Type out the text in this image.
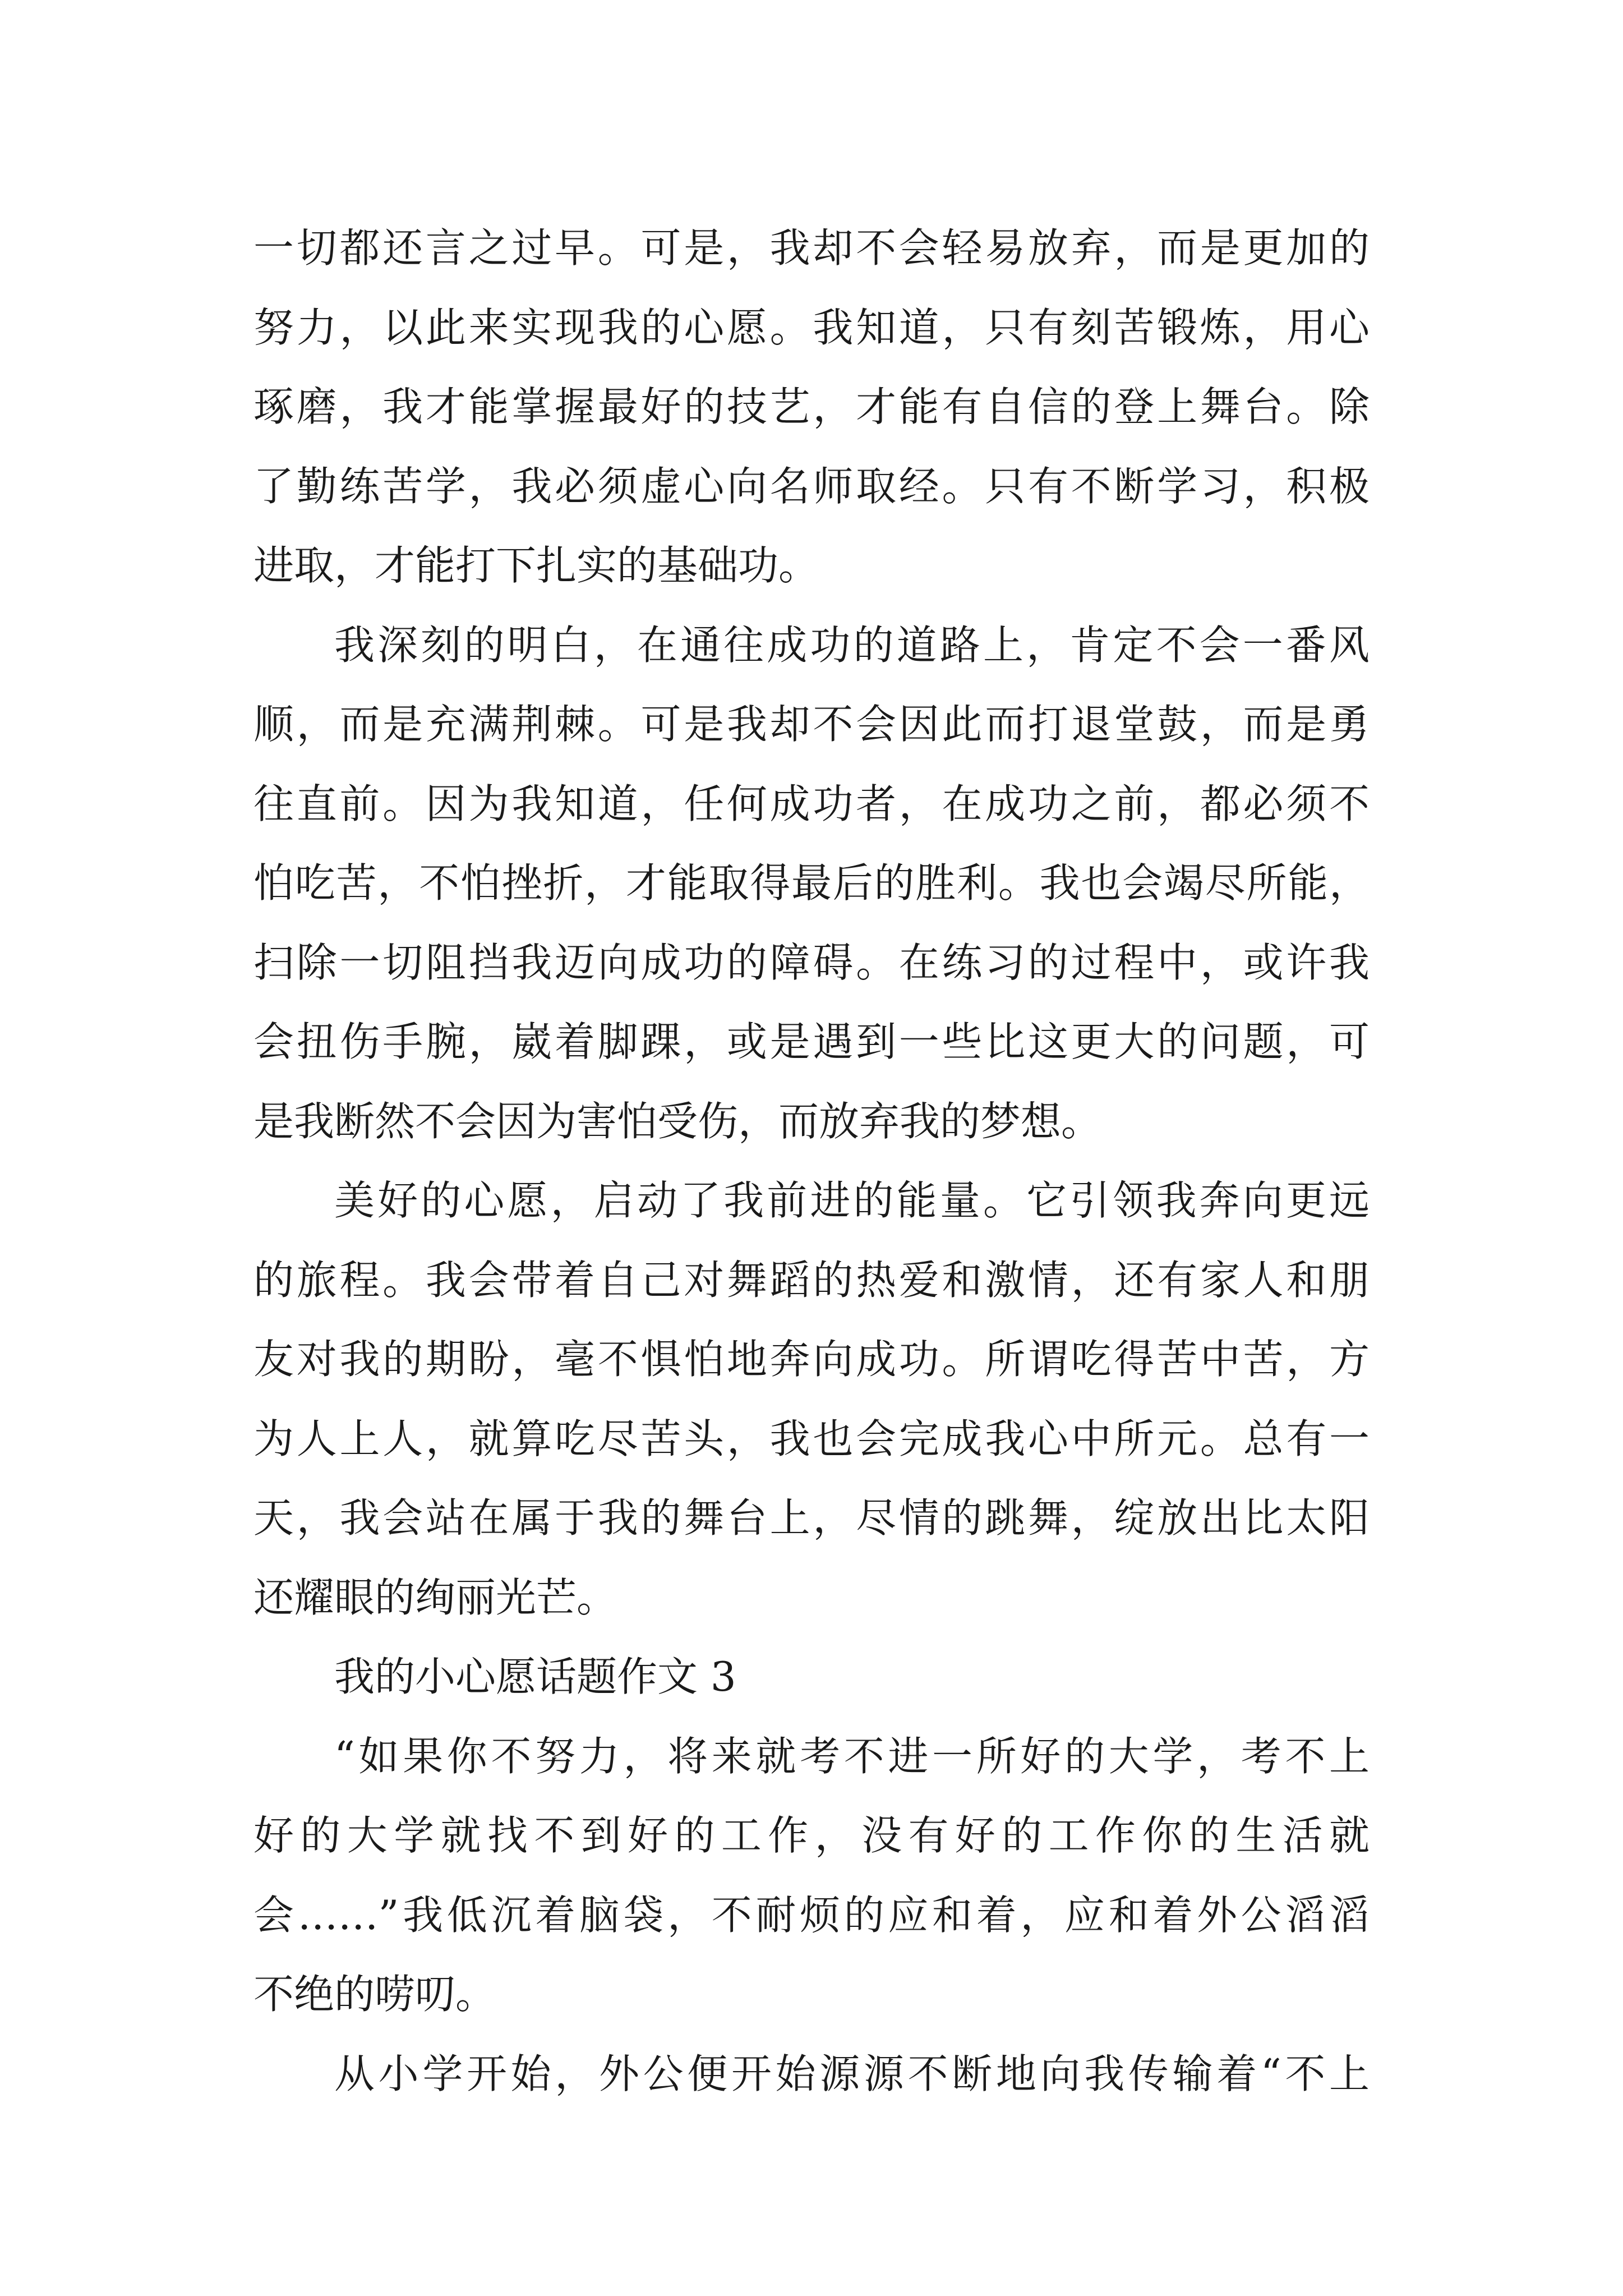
一切都还言之过早。可是，我却不会轻易放弃，而是更加的
努力，以此来实现我的心愿。我知道，只有刻苦锻炼，用心
琢磨，我才能掌握最好的技艺，才能有自信的登上舞台。除
了勤练苦学，我必须虚心向名师取经。只有不断学习，积极
进取，才能打下扎实的基础功。
我深刻的明白，在通往成功的道路上，肯定不会一番风
顺，而是充满荆棘。可是我却不会因此而打退堂鼓，而是勇
往直前。因为我知道，任何成功者，在成功之前，都必须不
怕吃苦，不怕挫折，才能取得最后的胜利。我也会竭尽所能，
扫除一切阻挡我迈向成功的障碍。在练习的过程中，或许我
会扭伤手腕，崴着脚踝，或是遇到一些比这更大的问题，可
是我断然不会因为害怕受伤，而放弃我的梦想。
美好的心愿，启动了我前进的能量。它引领我奔向更远
的旅程。我会带着自己对舞蹈的热爱和激情，还有家人和朋
友对我的期盼，毫不惧怕地奔向成功。所谓吃得苦中苦，方
为人上人，就算吃尽苦头，我也会完成我心中所元。总有一
天，我会站在属于我的舞台上，尽情的跳舞，绽放出比太阳
还耀眼的绚丽光芒。
我的小心愿话题作文 3
“如果你不努力，将来就考不进一所好的大学，考不上
好的大学就找不到好的工作，没有好的工作你的生活就
会……”我低沉着脑袋，不耐烦的应和着，应和着外公滔滔
不绝的唠叨。
从小学开始，外公便开始源源不断地向我传输着“不上
